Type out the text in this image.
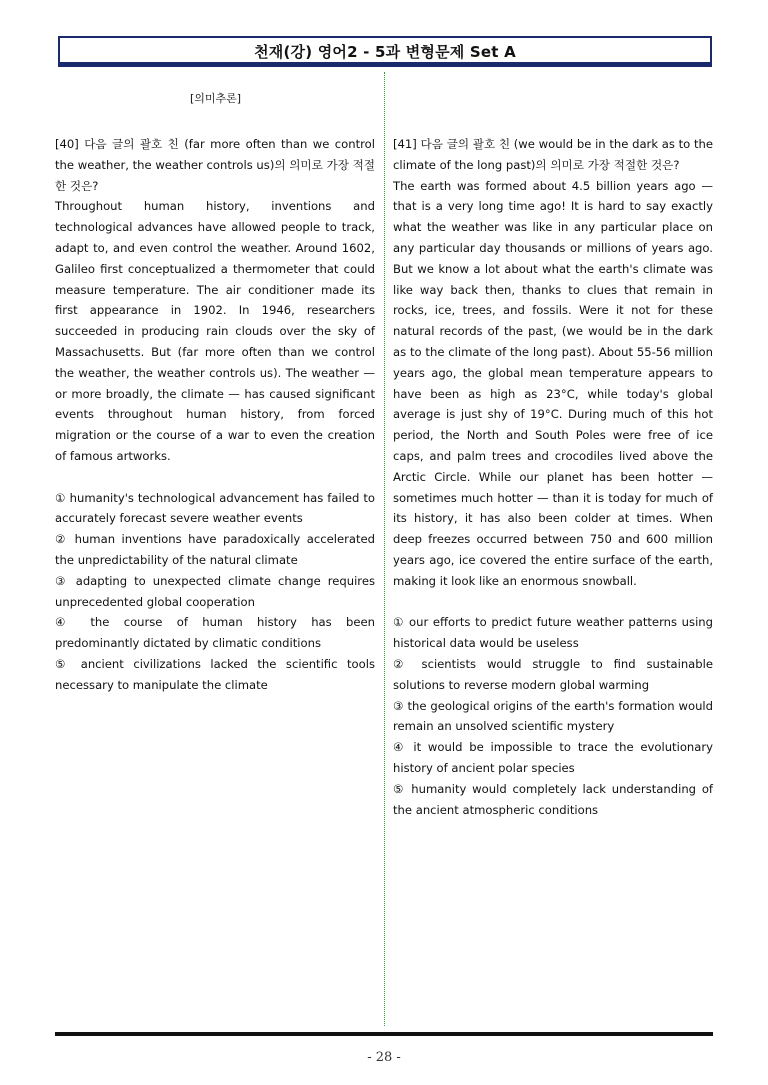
천재(강) 영어2 - 5과 변형문제 Set A
[의미추론]

[40] 다음 글의 괄호 친 (far more often than we control the weather, the weather controls us)의 의미로 가장 적절한 것은?

Throughout human history, inventions and technological advances have allowed people to track, adapt to, and even control the weather. Around 1602, Galileo first conceptualized a thermometer that could measure temperature. The air conditioner made its first appearance in 1902. In 1946, researchers succeeded in producing rain clouds over the sky of Massachusetts. But (far more often than we control the weather, the weather controls us). The weather — or more broadly, the climate — has caused significant events throughout human history, from forced migration or the course of a war to even the creation of famous artworks.

① humanity's technological advancement has failed to accurately forecast severe weather events

② human inventions have paradoxically accelerated the unpredictability of the natural climate

③ adapting to unexpected climate change requires unprecedented global cooperation

④ the course of human history has been predominantly dictated by climatic conditions

⑤ ancient civilizations lacked the scientific tools necessary to manipulate the climate

[41] 다음 글의 괄호 친 (we would be in the dark as to the climate of the long past)의 의미로 가장 적절한 것은?

The earth was formed about 4.5 billion years ago — that is a very long time ago! It is hard to say exactly what the weather was like in any particular place on any particular day thousands or millions of years ago. But we know a lot about what the earth's climate was like way back then, thanks to clues that remain in rocks, ice, trees, and fossils. Were it not for these natural records of the past, (we would be in the dark as to the climate of the long past). About 55-56 million years ago, the global mean temperature appears to have been as high as 23°C, while today's global average is just shy of 19°C. During much of this hot period, the North and South Poles were free of ice caps, and palm trees and crocodiles lived above the Arctic Circle. While our planet has been hotter — sometimes much hotter — than it is today for much of its history, it has also been colder at times. When deep freezes occurred between 750 and 600 million years ago, ice covered the entire surface of the earth, making it look like an enormous snowball.

① our efforts to predict future weather patterns using historical data would be useless

② scientists would struggle to find sustainable solutions to reverse modern global warming

③ the geological origins of the earth's formation would remain an unsolved scientific mystery

④ it would be impossible to trace the evolutionary history of ancient polar species

⑤ humanity would completely lack understanding of the ancient atmospheric conditions

- 28 -
